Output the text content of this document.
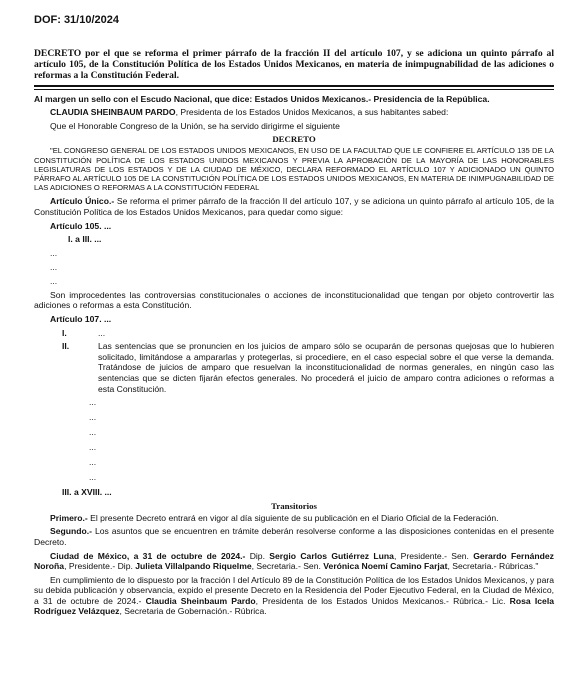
DOF: 31/10/2024
DECRETO por el que se reforma el primer párrafo de la fracción II del artículo 107, y se adiciona un quinto párrafo al artículo 105, de la Constitución Política de los Estados Unidos Mexicanos, en materia de inimpugnabilidad de las adiciones o reformas a la Constitución Federal.

Al margen un sello con el Escudo Nacional, que dice: Estados Unidos Mexicanos.- Presidencia de la República.

CLAUDIA SHEINBAUM PARDO, Presidenta de los Estados Unidos Mexicanos, a sus habitantes sabed:

Que el Honorable Congreso de la Unión, se ha servido dirigirme el siguiente

DECRETO

"EL CONGRESO GENERAL DE LOS ESTADOS UNIDOS MEXICANOS, EN USO DE LA FACULTAD QUE LE CONFIERE EL ARTÍCULO 135 DE LA CONSTITUCIÓN POLÍTICA DE LOS ESTADOS UNIDOS MEXICANOS Y PREVIA LA APROBACIÓN DE LA MAYORÍA DE LAS HONORABLES LEGISLATURAS DE LOS ESTADOS Y DE LA CIUDAD DE MÉXICO, DECLARA REFORMADO EL ARTÍCULO 107 Y ADICIONADO UN QUINTO PÁRRAFO AL ARTÍCULO 105 DE LA CONSTITUCIÓN POLÍTICA DE LOS ESTADOS UNIDOS MEXICANOS, EN MATERIA DE INIMPUGNABILIDAD DE LAS ADICIONES O REFORMAS A LA CONSTITUCIÓN FEDERAL

Artículo Único.- Se reforma el primer párrafo de la fracción II del artículo 107, y se adiciona un quinto párrafo al artículo 105, de la Constitución Política de los Estados Unidos Mexicanos, para quedar como sigue:

Artículo 105. ...

I. a III. ...

...
...
...

Son improcedentes las controversias constitucionales o acciones de inconstitucionalidad que tengan por objeto controvertir las adiciones o reformas a esta Constitución.

Artículo 107. ...

I.	...
II.	Las sentencias que se pronuncien en los juicios de amparo sólo se ocuparán de personas quejosas que lo hubieren solicitado, limitándose a ampararlas y protegerlas, si procediere, en el caso especial sobre el que verse la demanda. Tratándose de juicios de amparo que resuelvan la inconstitucionalidad de normas generales, en ningún caso las sentencias que se dicten fijarán efectos generales. No procederá el juicio de amparo contra adiciones o reformas a esta Constitución.
...
...
...
...
...
...

III. a XVIII. ...

Transitorios

Primero.- El presente Decreto entrará en vigor al día siguiente de su publicación en el Diario Oficial de la Federación.

Segundo.- Los asuntos que se encuentren en trámite deberán resolverse conforme a las disposiciones contenidas en el presente Decreto.

Ciudad de México, a 31 de octubre de 2024.- Dip. Sergio Carlos Gutiérrez Luna, Presidente.- Sen. Gerardo Fernández Noroña, Presidente.- Dip. Julieta Villalpando Riquelme, Secretaria.- Sen. Verónica Noemí Camino Farjat, Secretaria.- Rúbricas."

En cumplimiento de lo dispuesto por la fracción I del Artículo 89 de la Constitución Política de los Estados Unidos Mexicanos, y para su debida publicación y observancia, expido el presente Decreto en la Residencia del Poder Ejecutivo Federal, en la Ciudad de México, a 31 de octubre de 2024.- Claudia Sheinbaum Pardo, Presidenta de los Estados Unidos Mexicanos.- Rúbrica.- Lic. Rosa Icela Rodríguez Velázquez, Secretaria de Gobernación.- Rúbrica.
